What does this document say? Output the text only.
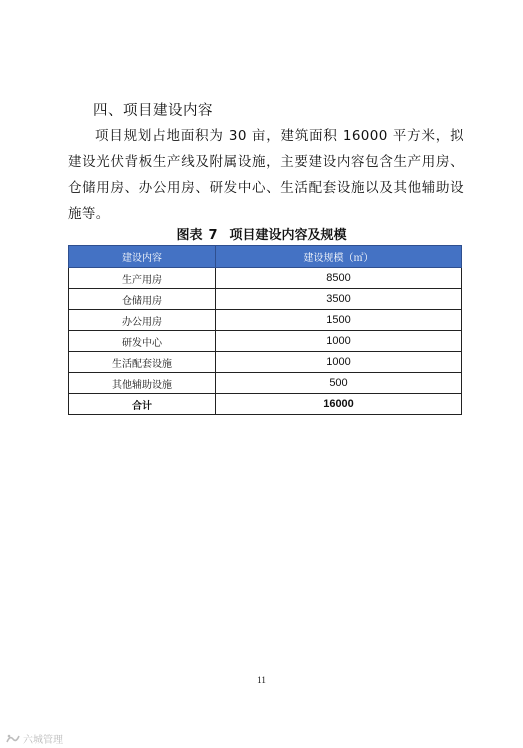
四、项目建设内容

项目规划占地面积为 30 亩，建筑面积 16000 平方米，拟建设光伏背板生产线及附属设施，主要建设内容包含生产用房、仓储用房、办公用房、研发中心、生活配套设施以及其他辅助设施等。

图表 7 项目建设内容及规模
建设内容	建设规模（㎡）
生产用房	8500
仓储用房	3500
办公用房	1500
研发中心	1000
生活配套设施	1000
其他辅助设施	500
合计	16000
11
六城管理
